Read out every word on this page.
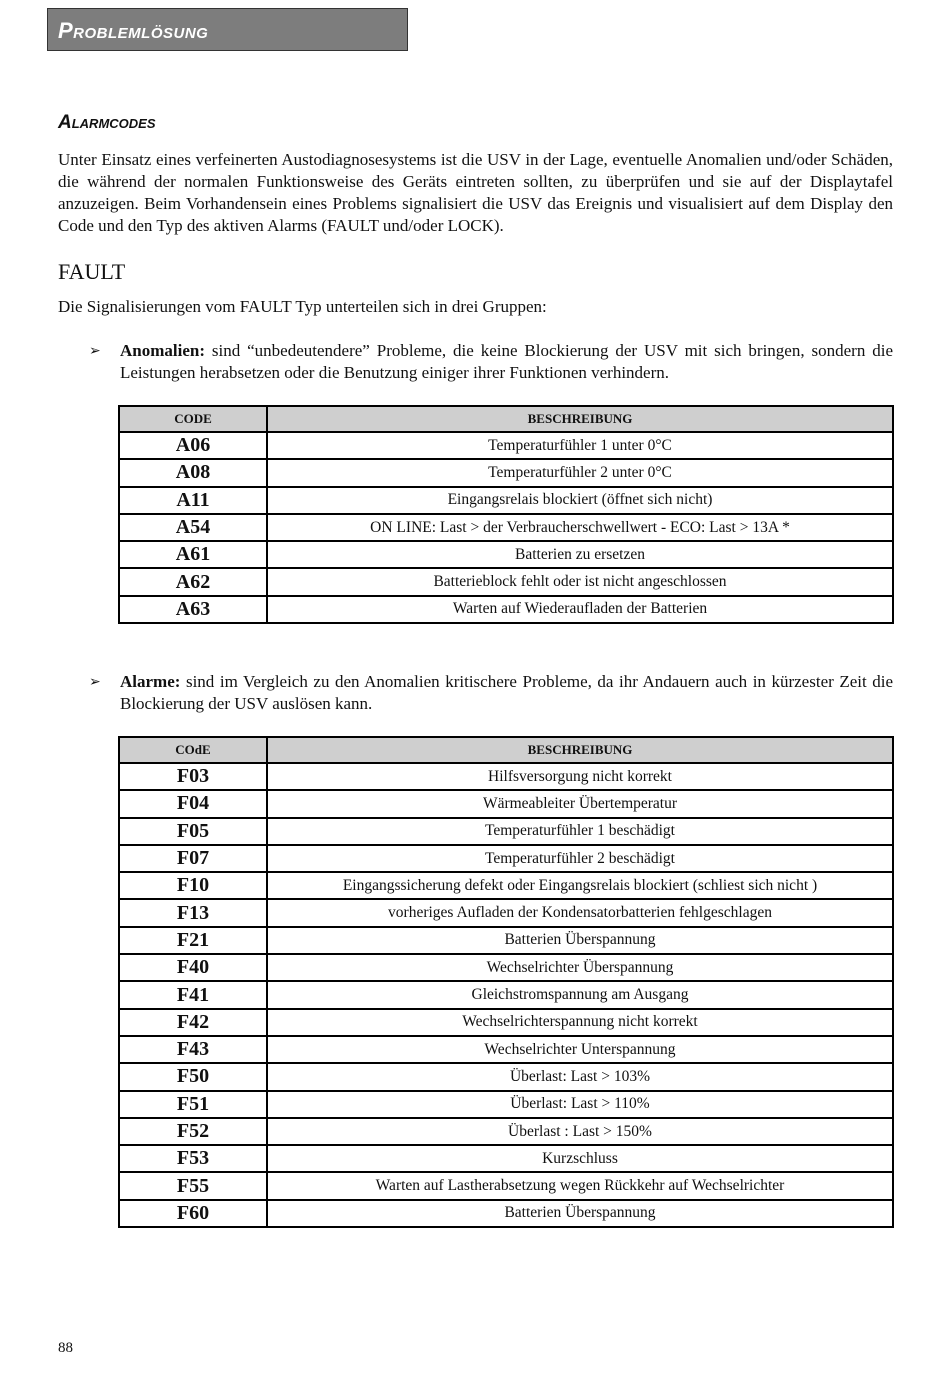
Problemlösung
Alarmcodes

Unter Einsatz eines verfeinerten Austodiagnosesystems ist die USV in der Lage, eventuelle Anomalien und/oder Schäden, die während der normalen Funktionsweise des Geräts eintreten sollten, zu überprüfen und sie auf der Displaytafel anzuzeigen. Beim Vorhandensein eines Problems signalisiert die USV das Ereignis und visualisiert auf dem Display den Code und den Typ des aktiven Alarms (FAULT und/oder LOCK).

FAULT

Die Signalisierungen vom FAULT Typ unterteilen sich in drei Gruppen:

➢ Anomalien: sind “unbedeutendere” Probleme, die keine Blockierung der USV mit sich bringen, sondern die Leistungen herabsetzen oder die Benutzung einiger ihrer Funktionen verhindern.

CODE	BESCHREIBUNG
A06	Temperaturfühler 1 unter 0°C
A08	Temperaturfühler 2 unter 0°C
A11	Eingangsrelais blockiert (öffnet sich nicht)
A54	ON LINE: Last > der Verbraucherschwellwert - ECO: Last > 13A *
A61	Batterien zu ersetzen
A62	Batterieblock fehlt oder ist nicht angeschlossen
A63	Warten auf Wiederaufladen der Batterien

➢ Alarme: sind im Vergleich zu den Anomalien kritischere Probleme, da ihr Andauern auch in kürzester Zeit die Blockierung der USV auslösen kann.

COdE	BESCHREIBUNG
F03	Hilfsversorgung nicht korrekt
F04	Wärmeableiter Übertemperatur
F05	Temperaturfühler 1 beschädigt
F07	Temperaturfühler 2 beschädigt
F10	Eingangssicherung defekt oder Eingangsrelais blockiert (schliest sich nicht )
F13	vorheriges Aufladen der Kondensatorbatterien fehlgeschlagen
F21	Batterien Überspannung
F40	Wechselrichter Überspannung
F41	Gleichstromspannung am Ausgang
F42	Wechselrichterspannung nicht korrekt
F43	Wechselrichter Unterspannung
F50	Überlast: Last > 103%
F51	Überlast: Last > 110%
F52	Überlast : Last > 150%
F53	Kurzschluss
F55	Warten auf Lastherabsetzung wegen Rückkehr auf Wechselrichter
F60	Batterien Überspannung
88
